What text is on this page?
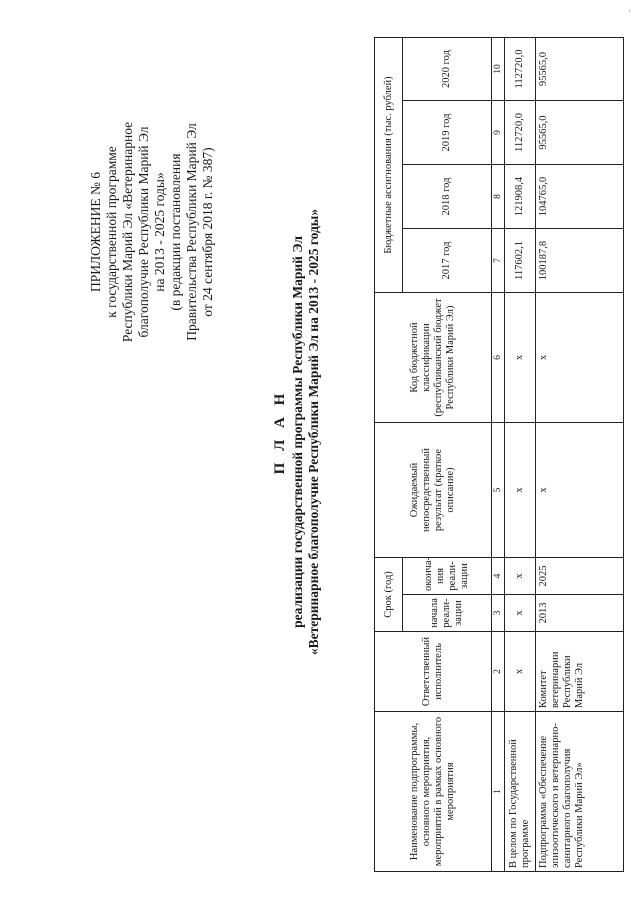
·
ПРИЛОЖЕНИЕ № 6 к государственной программе Республики Марий Эл «Ветеринарное благополучие Республики Марий Эл на 2013 - 2025 годы» (в редакции постановления Правительства Республики Марий Эл от 24 сентября 2018 г. № 387)
П Л А Н реализации государственной программы Республики Марий Эл «Ветеринарное благополучие Республики Марий Эл на 2013 - 2025 годы»
Наименование подпрограммы, основного мероприятия, мероприятий в рамках основного мероприятия	Ответственный исполнитель	Срок (год)		Ожидаемый непосредственный результат (краткое описание)	Код бюджетной классификации (республиканский бюджет Республики Марий Эл)	Бюджетные ассигнования (тыс. рублей)			
		начала реали-зации	оконча-ния реали-зации			2017 год	2018 год	2019 год	2020 год

1	2	3	4	5	6	7	8	9	10
В целом по Государственной программе	х	х	х	х	х	117602,1	121908,4	112720,0	112720,0
Подпрограмма «Обеспечение эпизоотического и ветеринарно-санитарного благополучия Республики Марий Эл»	Комитет ветеринарии Республики Марий Эл	2013	2025	х	х	100187,8	104765,0	95565,0	95565,0
